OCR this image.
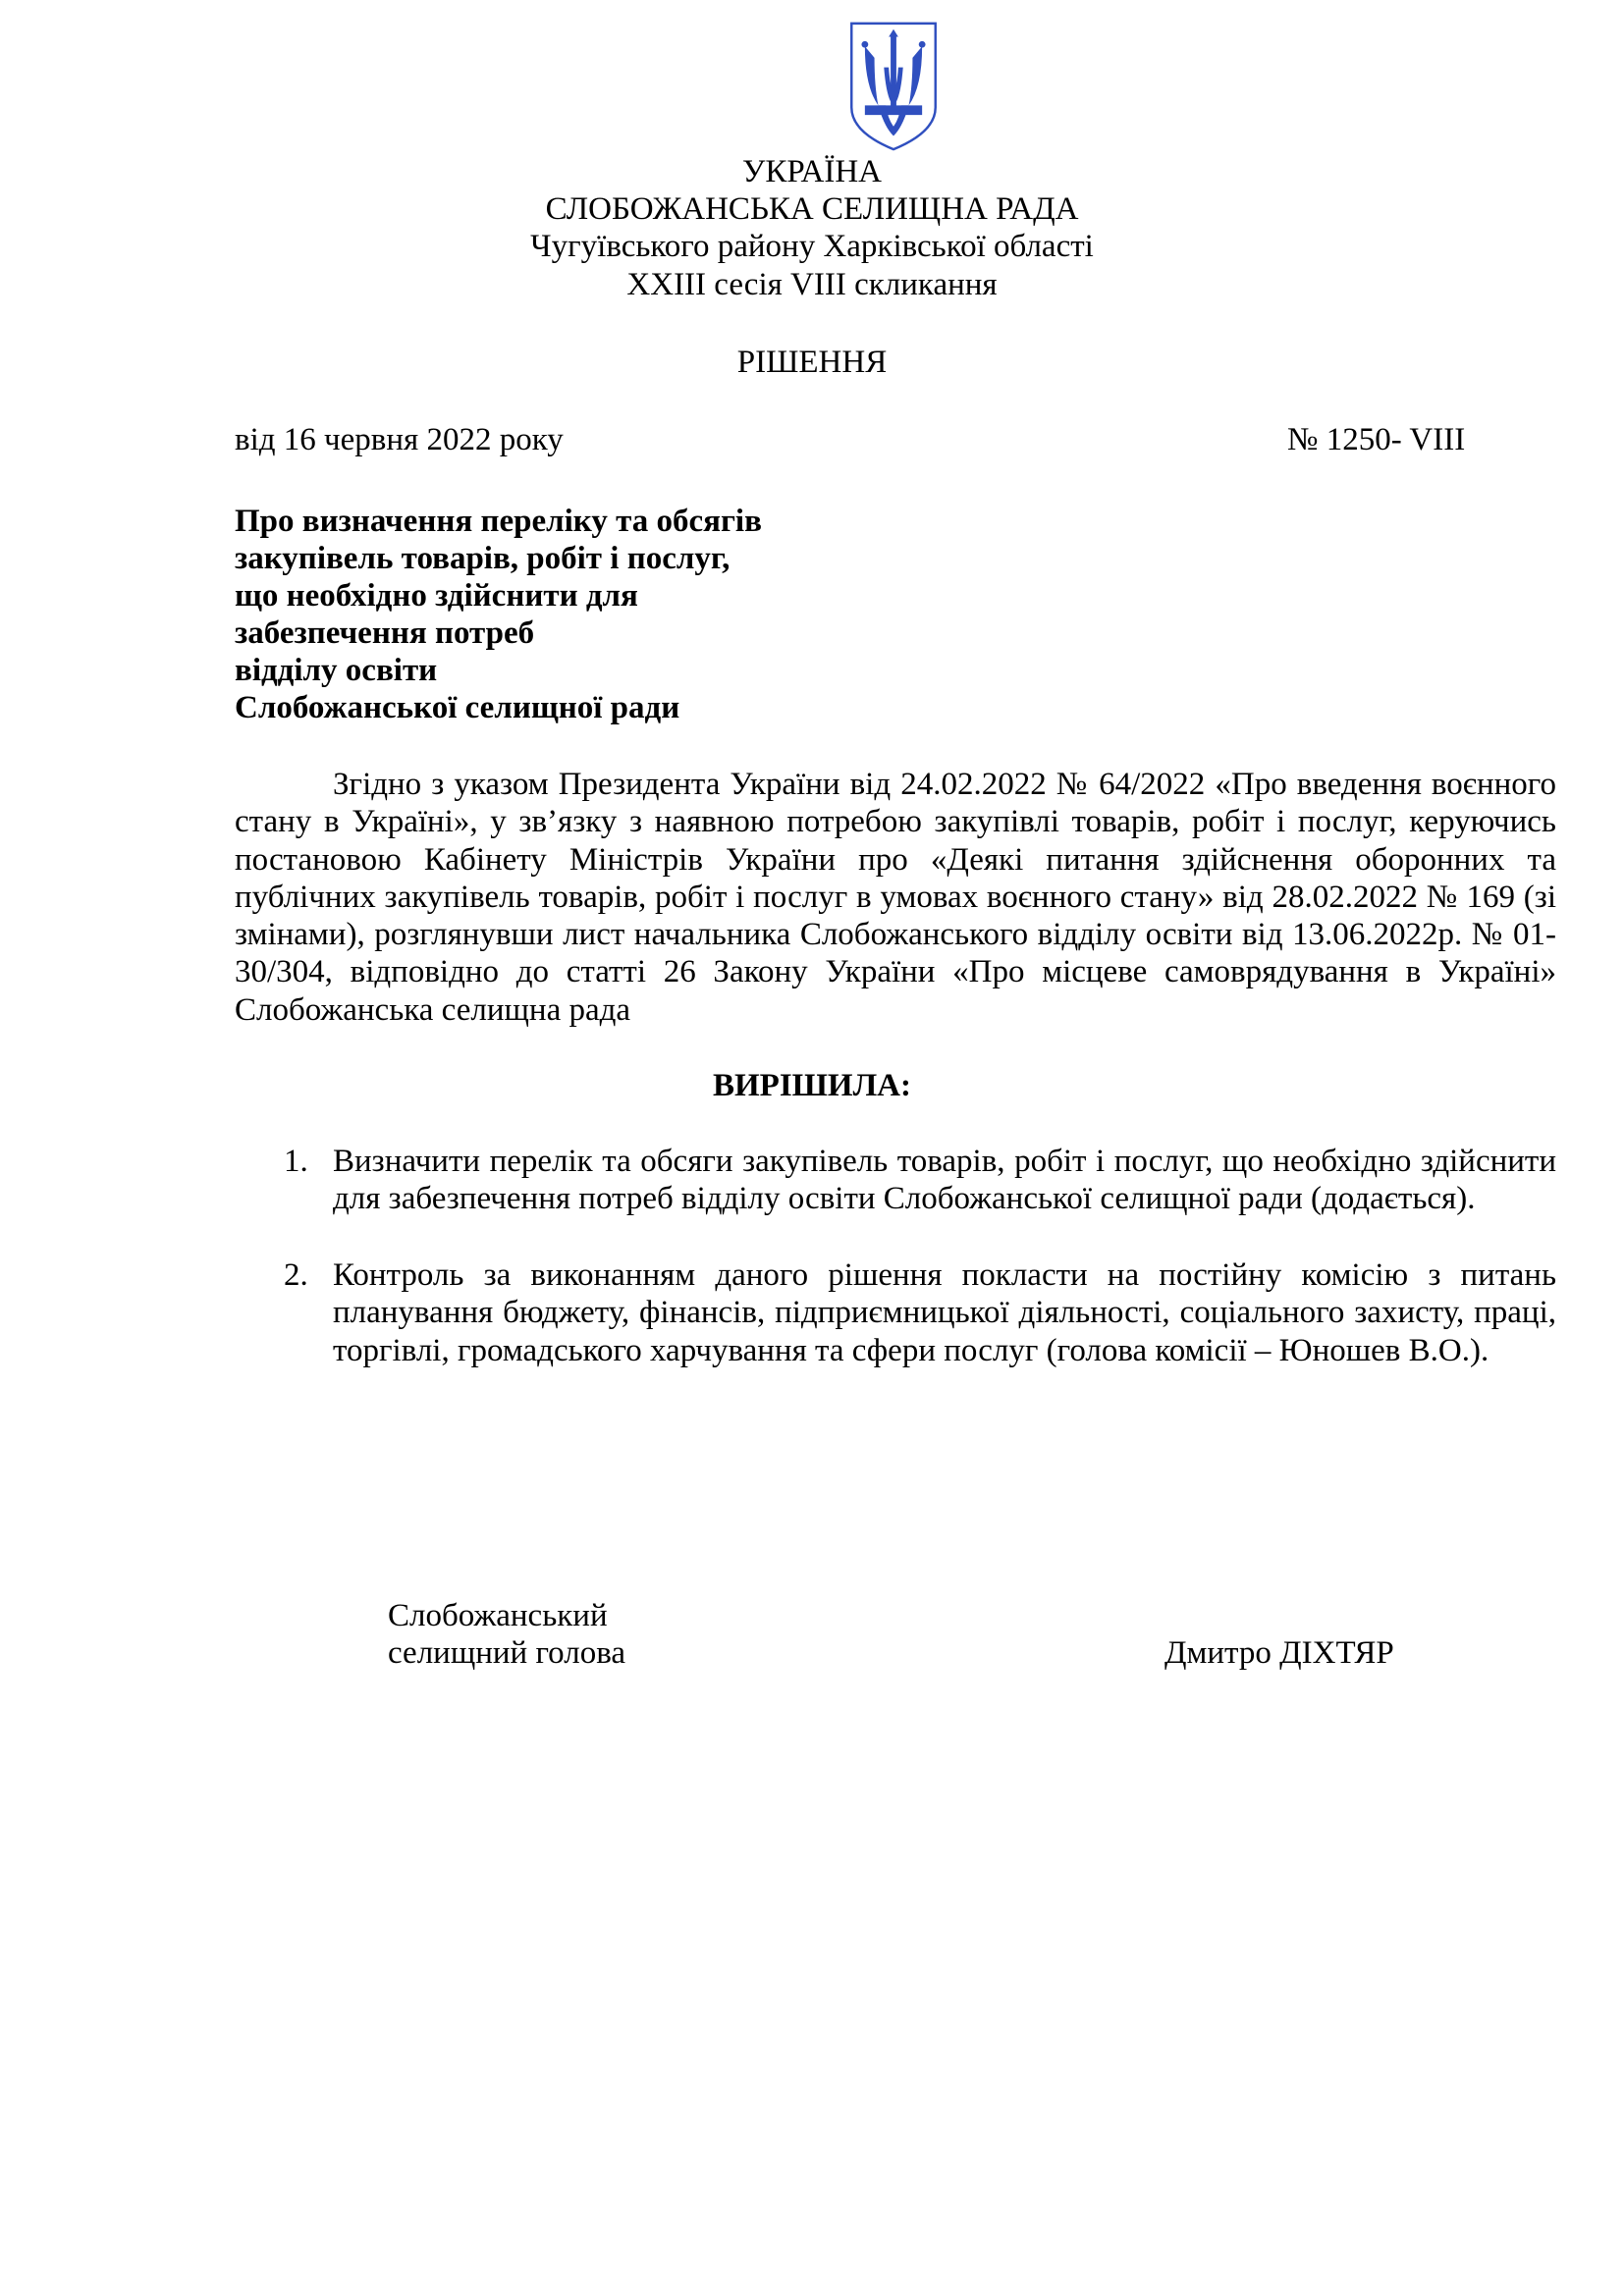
УКРАЇНА
СЛОБОЖАНСЬКА СЕЛИЩНА РАДА
Чугуївського району Харківської області
XXIII сесія VIII скликання
РІШЕННЯ
від 16 червня 2022 року	№ 1250- VIII
Про визначення переліку та обсягів
закупівель товарів, робіт і послуг,
що необхідно здійснити для
забезпечення потреб
відділу освіти
Слобожанської селищної ради
Згідно з указом Президента України від 24.02.2022 № 64/2022 «Про введення воєнного стану в Україні», у зв’язку з наявною потребою закупівлі товарів, робіт і послуг, керуючись постановою Кабінету Міністрів України про «Деякі питання здійснення оборонних та публічних закупівель товарів, робіт і послуг в умовах воєнного стану» від 28.02.2022 № 169 (зі змінами), розглянувши лист начальника Слобожанського відділу освіти від 13.06.2022р. № 01-30/304, відповідно до статті 26 Закону України «Про місцеве самоврядування в Україні» Слобожанська селищна рада
ВИРІШИЛА:
1. Визначити перелік та обсяги закупівель товарів, робіт і послуг, що необхідно здійснити для забезпечення потреб відділу освіти Слобожанської селищної ради (додається).
2. Контроль за виконанням даного рішення покласти на постійну комісію з питань планування бюджету, фінансів, підприємницької діяльності, соціального захисту, праці, торгівлі, громадського харчування та сфери послуг (голова комісії – Юношев В.О.).
Слобожанський
селищний голова	Дмитро ДІХТЯР
